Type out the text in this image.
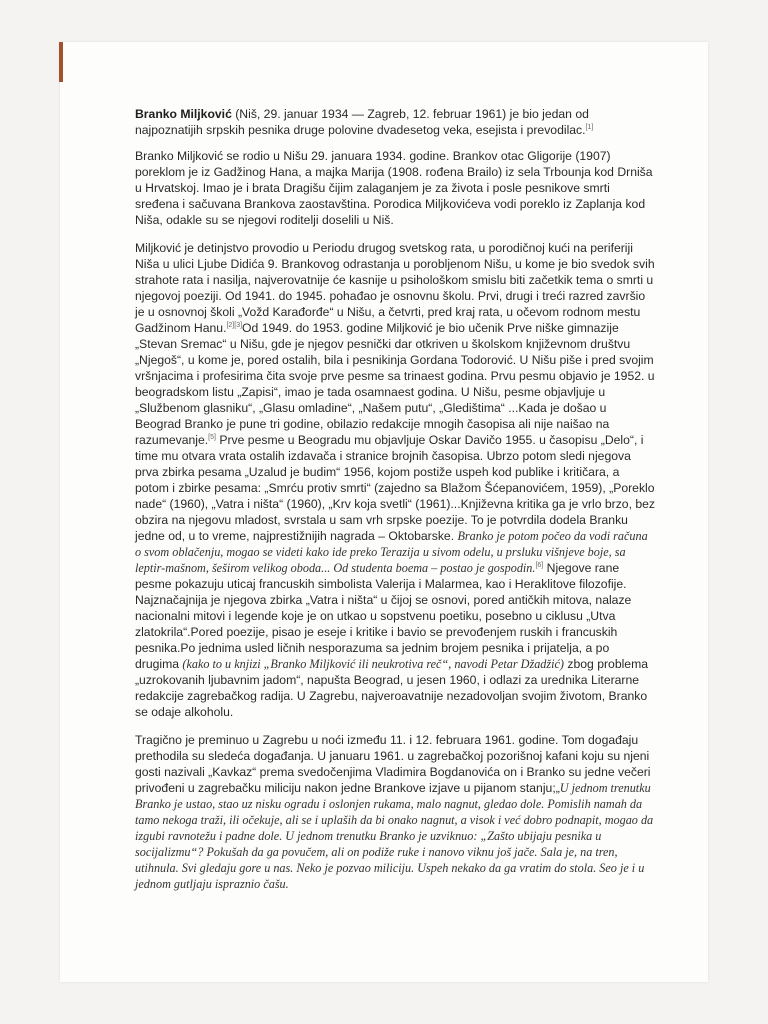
Branko Miljković (Niš, 29. januar 1934 — Zagreb, 12. februar 1961) je bio jedan od najpoznatijih srpskih pesnika druge polovine dvadesetog veka, esejista i prevodilac.[1]

Branko Miljković se rodio u Nišu 29. januara 1934. godine. Brankov otac Gligorije (1907) poreklom je iz Gadžinog Hana, a majka Marija (1908. rođena Brailo) iz sela Trbounja kod Drniša u Hrvatskoj. Imao je i brata Dragišu čijim zalaganjem je za života i posle pesnikove smrti sređena i sačuvana Brankova zaostavština. Porodica Miljkovićeva vodi poreklo iz Zaplanja kod Niša, odakle su se njegovi roditelji doselili u Niš.

Miljković je detinjstvo provodio u Periodu drugog svetskog rata, u porodičnoj kući na periferiji Niša u ulici Ljube Didića 9. Brankovog odrastanja u porobljenom Nišu, u kome je bio svedok svih strahote rata i nasilja, najverovatnije će kasnije u psihološkom smislu biti začetkik tema o smrti u njegovoj poeziji. Od 1941. do 1945. pohađao je osnovnu školu. Prvi, drugi i treći razred završio je u osnovnoj školi „Vožd Karađorđe“ u Nišu, a četvrti, pred kraj rata, u očevom rodnom mestu Gadžinom Hanu.[2][3]Od 1949. do 1953. godine Miljković je bio učenik Prve niške gimnazije „Stevan Sremac“ u Nišu, gde je njegov pesnički dar otkriven u školskom književnom društvu „Njegoš“, u kome je, pored ostalih, bila i pesnikinja Gordana Todorović. U Nišu piše i pred svojim vršnjacima i profesirima čita svoje prve pesme sa trinaest godina. Prvu pesmu objavio je 1952. u beogradskom listu „Zapisi“, imao je tada osamnaest godina. U Nišu, pesme objavljuje u „Službenom glasniku“, „Glasu omladine“, „Našem putu“, „Gledištima“ ...Kada je došao u Beograd Branko je pune tri godine, obilazio redakcije mnogih časopisa ali nije naišao na razumevanje.[5] Prve pesme u Beogradu mu objavljuje Oskar Davičo 1955. u časopisu „Delo“, i time mu otvara vrata ostalih izdavača i stranice brojnih časopisa. Ubrzo potom sledi njegova prva zbirka pesama „Uzalud je budim“ 1956, kojom postiže uspeh kod publike i kritičara, a potom i zbirke pesama: „Smrću protiv smrti“ (zajedno sa Blažom Šćepanovićem, 1959), „Poreklo nade“ (1960), „Vatra i ništa“ (1960), „Krv koja svetli“ (1961)...Književna kritika ga je vrlo brzo, bez obzira na njegovu mladost, svrstala u sam vrh srpske poezije. To je potvrdila dodela Branku jedne od, u to vreme, najprestižnijih nagrada – Oktobarske. Branko je potom počeo da vodi računa o svom oblačenju, mogao se videti kako ide preko Terazija u sivom odelu, u prsluku višnjeve boje, sa leptir-mašnom, šeširom velikog oboda... Od studenta boema – postao je gospodin.[6] Njegove rane pesme pokazuju uticaj francuskih simbolista Valerija i Malarmea, kao i Heraklitove filozofije. Najznačajnija je njegova zbirka „Vatra i ništa“ u čijoj se osnovi, pored antičkih mitova, nalaze nacionalni mitovi i legende koje je on utkao u sopstvenu poetiku, posebno u ciklusu „Utva zlatokrila“.Pored poezije, pisao je eseje i kritike i bavio se prevođenjem ruskih i francuskih pesnika.Po jednima usled ličnih nesporazuma sa jednim brojem pesnika i prijatelja, a po drugima (kako to u knjizi „Branko Miljković ili neukrotiva reč“, navodi Petar Džadžić) zbog problema „uzrokovanih ljubavnim jadom“, napušta Beograd, u jesen 1960, i odlazi za urednika Literarne redakcije zagrebačkog radija. U Zagrebu, najveroavatnije nezadovoljan svojim životom, Branko se odaje alkoholu.

Tragično je preminuo u Zagrebu u noći između 11. i 12. februara 1961. godine. Tom događaju prethodila su sledeća događanja. U januaru 1961. u zagrebačkoj pozorišnoj kafani koju su njeni gosti nazivali „Kavkaz“ prema svedočenjima Vladimira Bogdanovića on i Branko su jedne večeri privođeni u zagrebačku miliciju nakon jedne Brankove izjave u pijanom stanju;„U jednom trenutku Branko je ustao, stao uz nisku ogradu i oslonjen rukama, malo nagnut, gledao dole. Pomislih namah da tamo nekoga traži, ili očekuje, ali se i uplaših da bi onako nagnut, a visok i već dobro podnapit, mogao da izgubi ravnotežu i padne dole. U jednom trenutku Branko je uzviknuo: „Zašto ubijaju pesnika u socijalizmu“? Pokušah da ga povučem, ali on podiže ruke i nanovo viknu još jače. Sala je, na tren, utihnula. Svi gledaju gore u nas. Neko je pozvao miliciju. Uspeh nekako da ga vratim do stola. Seo je i u jednom gutljaju ispraznio čašu.
